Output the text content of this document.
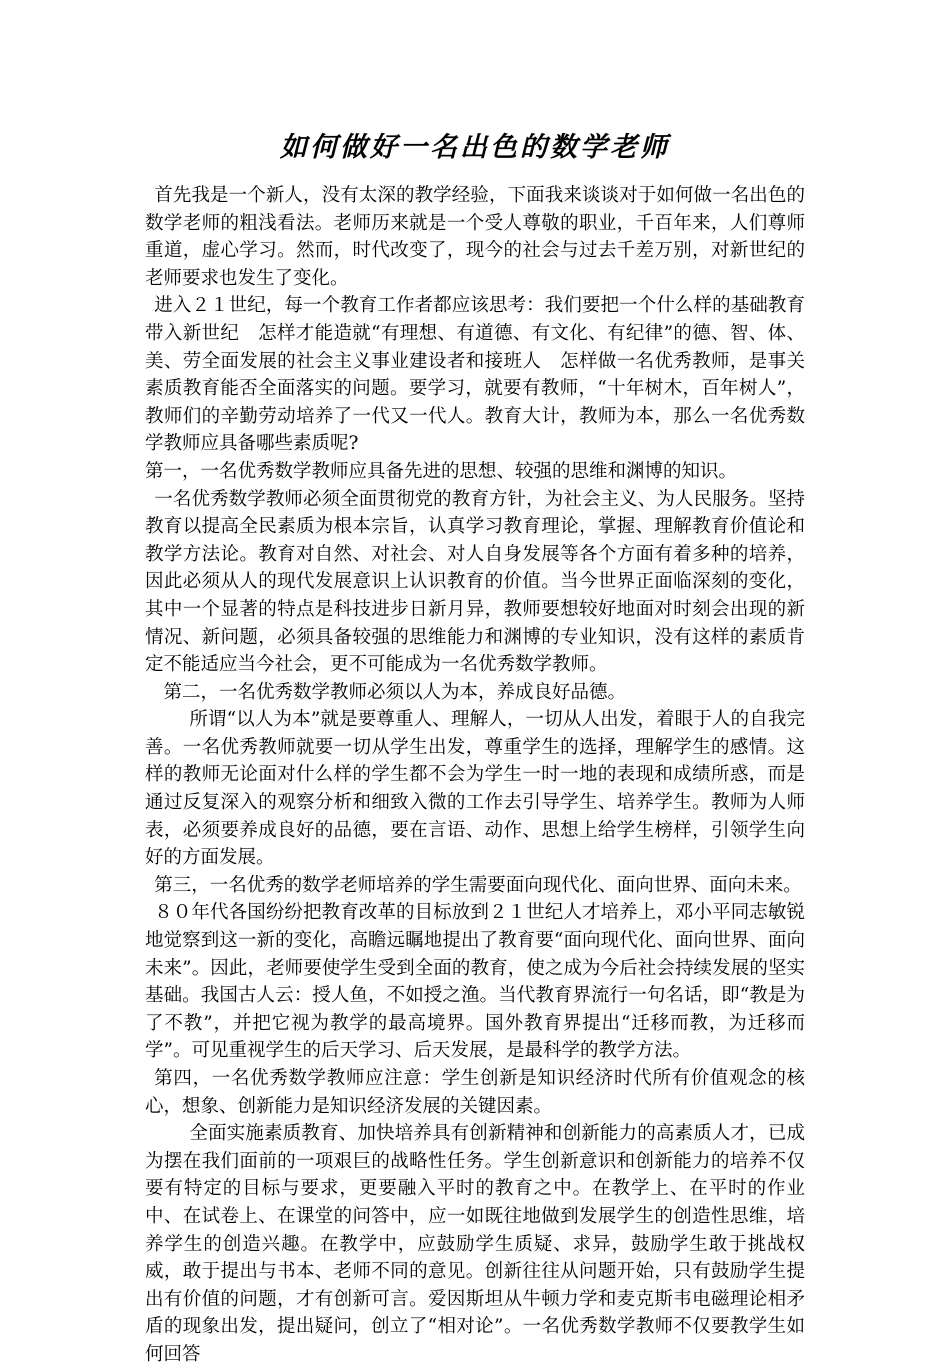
如何做好一名出色的数学老师

首先我是一个新人，没有太深的教学经验，下面我来谈谈对于如何做一名出色的数学老师的粗浅看法。老师历来就是一个受人尊敬的职业，千百年来，人们尊师重道，虚心学习。然而，时代改变了，现今的社会与过去千差万别，对新世纪的老师要求也发生了变化。

进入２１世纪，每一个教育工作者都应该思考：我们要把一个什么样的基础教育带入新世纪　怎样才能造就“有理想、有道德、有文化、有纪律”的德、智、体、美、劳全面发展的社会主义事业建设者和接班人　怎样做一名优秀教师，是事关素质教育能否全面落实的问题。要学习，就要有教师，“十年树木，百年树人”，教师们的辛勤劳动培养了一代又一代人。教育大计，教师为本，那么一名优秀数学教师应具备哪些素质呢?

第一，一名优秀数学教师应具备先进的思想、较强的思维和渊博的知识。

一名优秀数学教师必须全面贯彻党的教育方针，为社会主义、为人民服务。坚持教育以提高全民素质为根本宗旨，认真学习教育理论，掌握、理解教育价值论和教学方法论。教育对自然、对社会、对人自身发展等各个方面有着多种的培养，因此必须从人的现代发展意识上认识教育的价值。当今世界正面临深刻的变化，其中一个显著的特点是科技进步日新月异，教师要想较好地面对时刻会出现的新情况、新问题，必须具备较强的思维能力和渊博的专业知识，没有这样的素质肯定不能适应当今社会，更不可能成为一名优秀数学教师。

第二，一名优秀数学教师必须以人为本，养成良好品德。

所谓“以人为本”就是要尊重人、理解人，一切从人出发，着眼于人的自我完善。一名优秀教师就要一切从学生出发，尊重学生的选择，理解学生的感情。这样的教师无论面对什么样的学生都不会为学生一时一地的表现和成绩所惑，而是通过反复深入的观察分析和细致入微的工作去引导学生、培养学生。教师为人师表，必须要养成良好的品德，要在言语、动作、思想上给学生榜样，引领学生向好的方面发展。

第三，一名优秀的数学老师培养的学生需要面向现代化、面向世界、面向未来。

８０年代各国纷纷把教育改革的目标放到２１世纪人才培养上，邓小平同志敏锐地觉察到这一新的变化，高瞻远瞩地提出了教育要“面向现代化、面向世界、面向未来”。因此，老师要使学生受到全面的教育，使之成为今后社会持续发展的坚实基础。我国古人云：授人鱼，不如授之渔。当代教育界流行一句名话，即“教是为了不教”，并把它视为教学的最高境界。国外教育界提出“迁移而教，为迁移而学”。可见重视学生的后天学习、后天发展，是最科学的教学方法。

第四，一名优秀数学教师应注意：学生创新是知识经济时代所有价值观念的核心，想象、创新能力是知识经济发展的关键因素。

全面实施素质教育、加快培养具有创新精神和创新能力的高素质人才，已成为摆在我们面前的一项艰巨的战略性任务。学生创新意识和创新能力的培养不仅要有特定的目标与要求，更要融入平时的教育之中。在教学上、在平时的作业中、在试卷上、在课堂的问答中，应一如既往地做到发展学生的创造性思维，培养学生的创造兴趣。在教学中，应鼓励学生质疑、求异，鼓励学生敢于挑战权威，敢于提出与书本、老师不同的意见。创新往往从问题开始，只有鼓励学生提出有价值的问题，才有创新可言。爱因斯坦从牛顿力学和麦克斯韦电磁理论相矛盾的现象出发，提出疑问，创立了“相对论”。一名优秀数学教师不仅要教学生如何回答
